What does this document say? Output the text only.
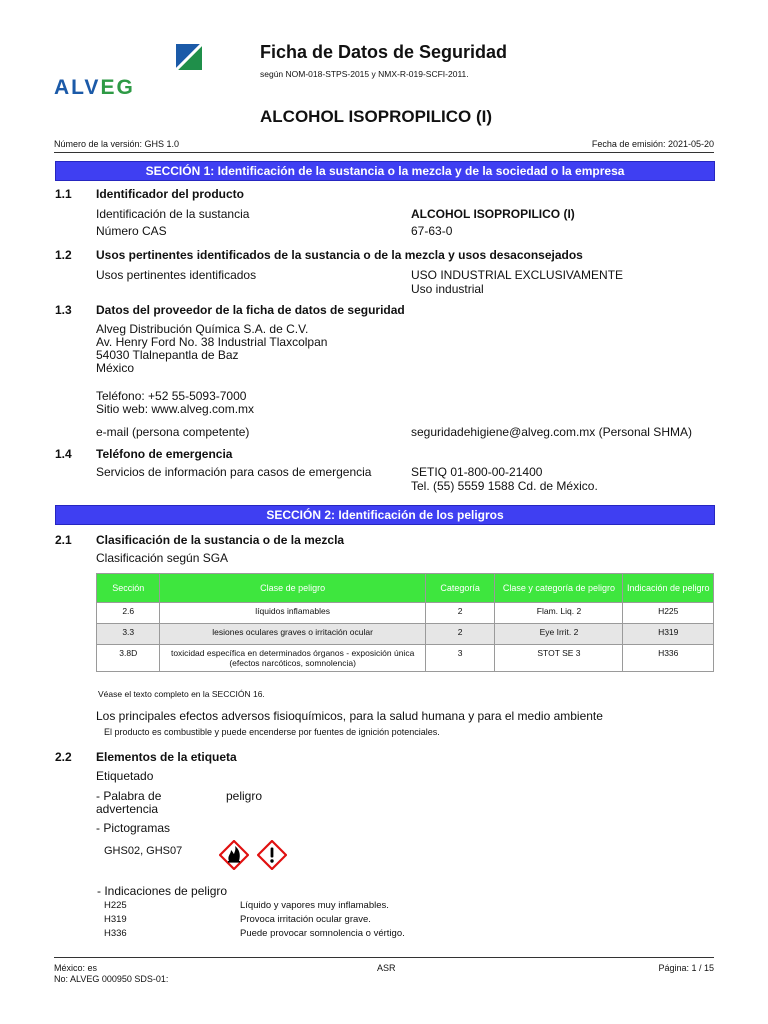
ALVEG
Ficha de Datos de Seguridad
según NOM-018-STPS-2015 y NMX-R-019-SCFI-2011.
ALCOHOL ISOPROPILICO (I)
Número de la versión: GHS 1.0	Fecha de emisión: 2021-05-20
SECCIÓN 1: Identificación de la sustancia o la mezcla y de la sociedad o la empresa
1.1 Identificador del producto
Identificación de la sustancia	ALCOHOL ISOPROPILICO (I)
Número CAS	67-63-0
1.2 Usos pertinentes identificados de la sustancia o de la mezcla y usos desaconsejados
Usos pertinentes identificados	USO INDUSTRIAL EXCLUSIVAMENTE
Uso industrial
1.3 Datos del proveedor de la ficha de datos de seguridad
Alveg Distribución Química S.A. de C.V.
Av. Henry Ford No. 38 Industrial Tlaxcolpan
54030 Tlalnepantla de Baz
México
Teléfono: +52 55-5093-7000
Sitio web: www.alveg.com.mx
e-mail (persona competente)	seguridadehigiene@alveg.com.mx (Personal SHMA)
1.4 Teléfono de emergencia
Servicios de información para casos de emergencia	SETIQ 01-800-00-21400
Tel. (55) 5559 1588 Cd. de México.
SECCIÓN 2: Identificación de los peligros
2.1 Clasificación de la sustancia o de la mezcla
Clasificación según SGA
Sección	Clase de peligro	Categoría	Clase y categoría de peligro	Indicación de peligro
2.6	líquidos inflamables	2	Flam. Liq. 2	H225
3.3	lesiones oculares graves o irritación ocular	2	Eye Irrit. 2	H319
3.8D	toxicidad específica en determinados órganos - exposición única (efectos narcóticos, somnolencia)	3	STOT SE 3	H336
Véase el texto completo en la SECCIÓN 16.
Los principales efectos adversos fisioquímicos, para la salud humana y para el medio ambiente
El producto es combustible y puede encenderse por fuentes de ignición potenciales.
2.2 Elementos de la etiqueta
Etiquetado
- Palabra de
advertencia
peligro
- Pictogramas
GHS02, GHS07
- Indicaciones de peligro
H225	Líquido y vapores muy inflamables.
H319	Provoca irritación ocular grave.
H336	Puede provocar somnolencia o vértigo.
México: es
No: ALVEG 000950 SDS-01:
ASR	Página: 1 / 15
